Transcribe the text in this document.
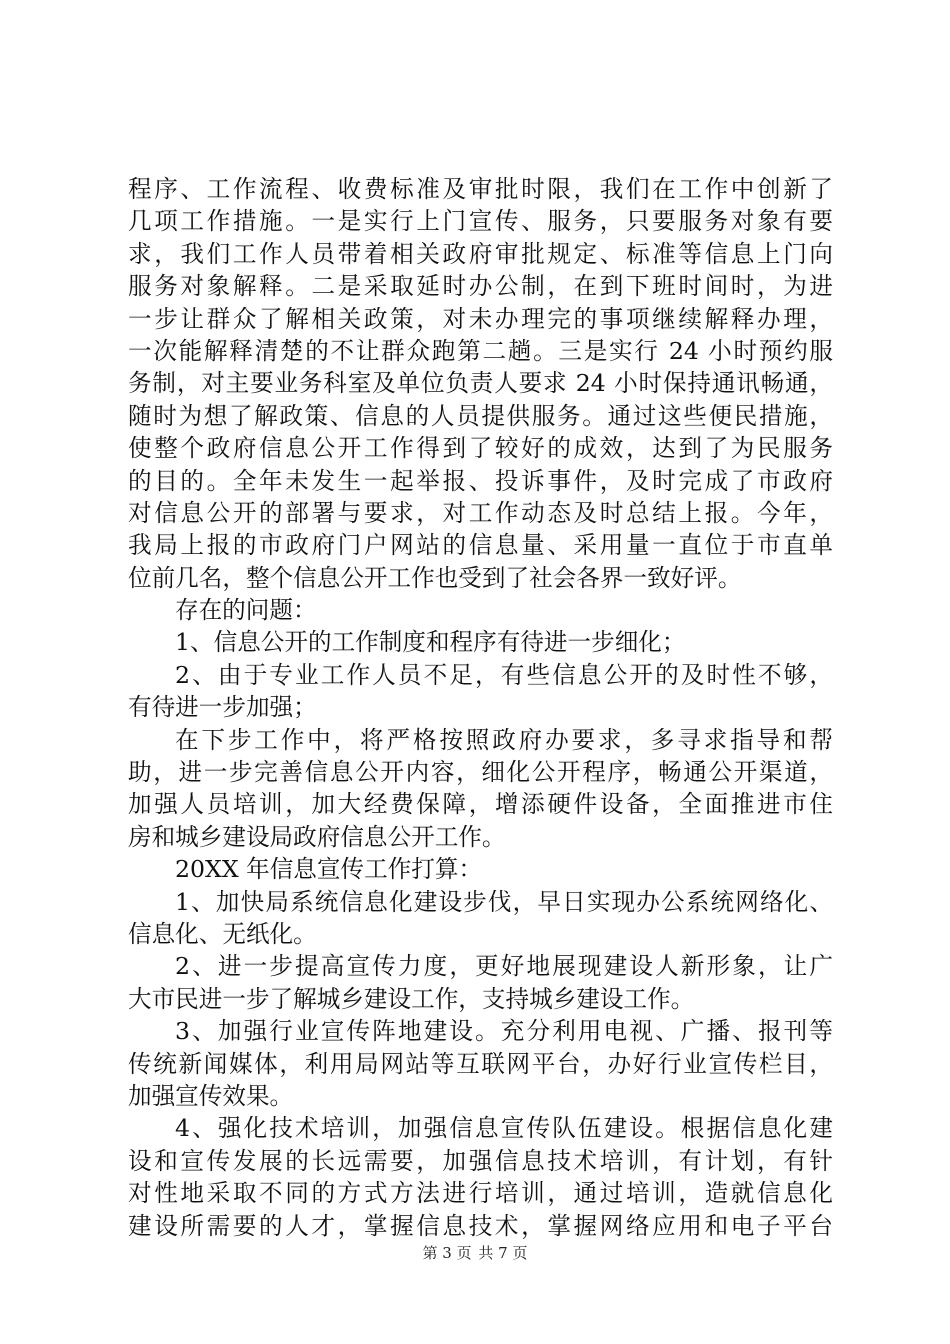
程序、工作流程、收费标准及审批时限，我们在工作中创新了
几项工作措施。一是实行上门宣传、服务，只要服务对象有要
求，我们工作人员带着相关政府审批规定、标准等信息上门向
服务对象解释。二是采取延时办公制，在到下班时间时，为进
一步让群众了解相关政策，对未办理完的事项继续解释办理，
一次能解释清楚的不让群众跑第二趟。三是实行 24 小时预约服
务制，对主要业务科室及单位负责人要求 24 小时保持通讯畅通，
随时为想了解政策、信息的人员提供服务。通过这些便民措施，
使整个政府信息公开工作得到了较好的成效，达到了为民服务
的目的。全年未发生一起举报、投诉事件，及时完成了市政府
对信息公开的部署与要求，对工作动态及时总结上报。今年，
我局上报的市政府门户网站的信息量、采用量一直位于市直单
位前几名，整个信息公开工作也受到了社会各界一致好评。
存在的问题：
1、信息公开的工作制度和程序有待进一步细化；
2、由于专业工作人员不足，有些信息公开的及时性不够，
有待进一步加强；
在下步工作中，将严格按照政府办要求，多寻求指导和帮
助，进一步完善信息公开内容，细化公开程序，畅通公开渠道，
加强人员培训，加大经费保障，增添硬件设备，全面推进市住
房和城乡建设局政府信息公开工作。
20XX 年信息宣传工作打算：
1、加快局系统信息化建设步伐，早日实现办公系统网络化、
信息化、无纸化。
2、进一步提高宣传力度，更好地展现建设人新形象，让广
大市民进一步了解城乡建设工作，支持城乡建设工作。
3、加强行业宣传阵地建设。充分利用电视、广播、报刊等
传统新闻媒体，利用局网站等互联网平台，办好行业宣传栏目，
加强宣传效果。
4、强化技术培训，加强信息宣传队伍建设。根据信息化建
设和宣传发展的长远需要，加强信息技术培训，有计划，有针
对性地采取不同的方式方法进行培训，通过培训，造就信息化
建设所需要的人才，掌握信息技术，掌握网络应用和电子平台
第 3 页 共 7 页
